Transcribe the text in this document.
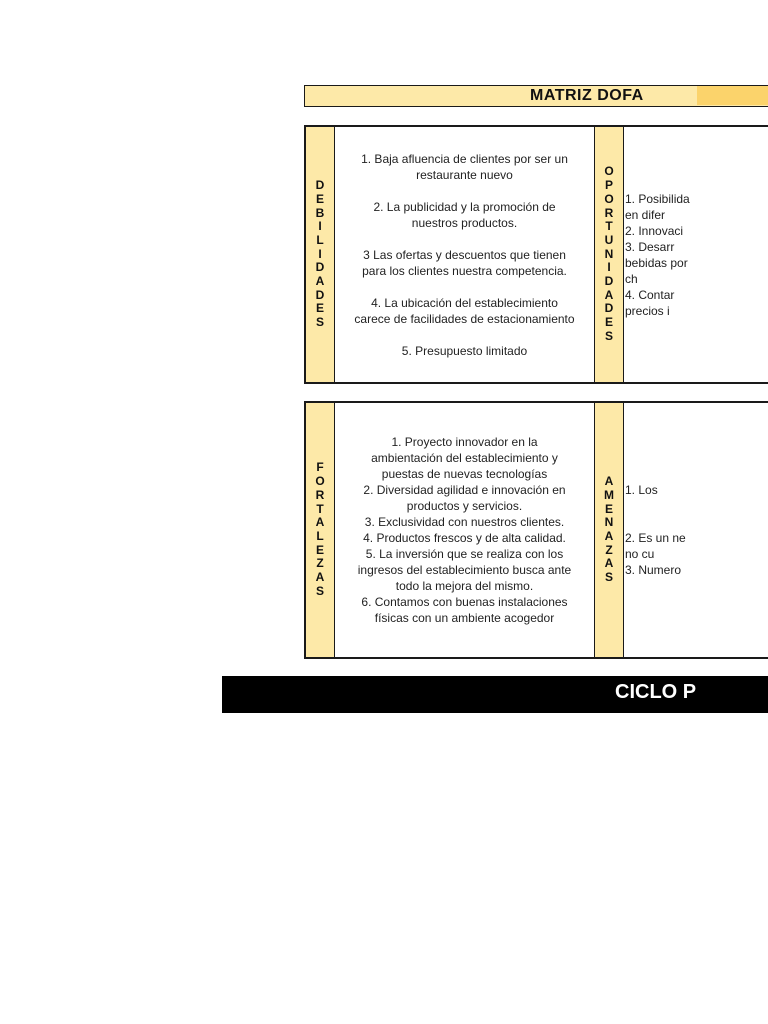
MATRIZ DOFA
DEBILIDADES
1. Baja afluencia de clientes por ser un
restaurante nuevo

2. La publicidad y la promoción de
nuestros productos.

3 Las ofertas y descuentos que tienen
para los clientes nuestra competencia.

4. La ubicación del establecimiento
carece de facilidades de estacionamiento

5. Presupuesto limitado
OPORTUNIDADES
1. Posibilida
en difer
2. Innovaci
3. Desarr
bebidas por
ch
4. Contar
precios i
FORTALEZAS
1. Proyecto innovador en la
ambientación del establecimiento y
puestas de nuevas tecnologías
2. Diversidad agilidad e innovación en
productos y servicios.
3. Exclusividad con nuestros clientes.
4. Productos frescos y de alta calidad.
5. La inversión que se realiza con los
ingresos del establecimiento busca ante
todo la mejora del mismo.
6. Contamos con buenas instalaciones
físicas con un ambiente acogedor
AMENAZAS
1. Los

2. Es un ne
no cu
3. Numero
CICLO P
